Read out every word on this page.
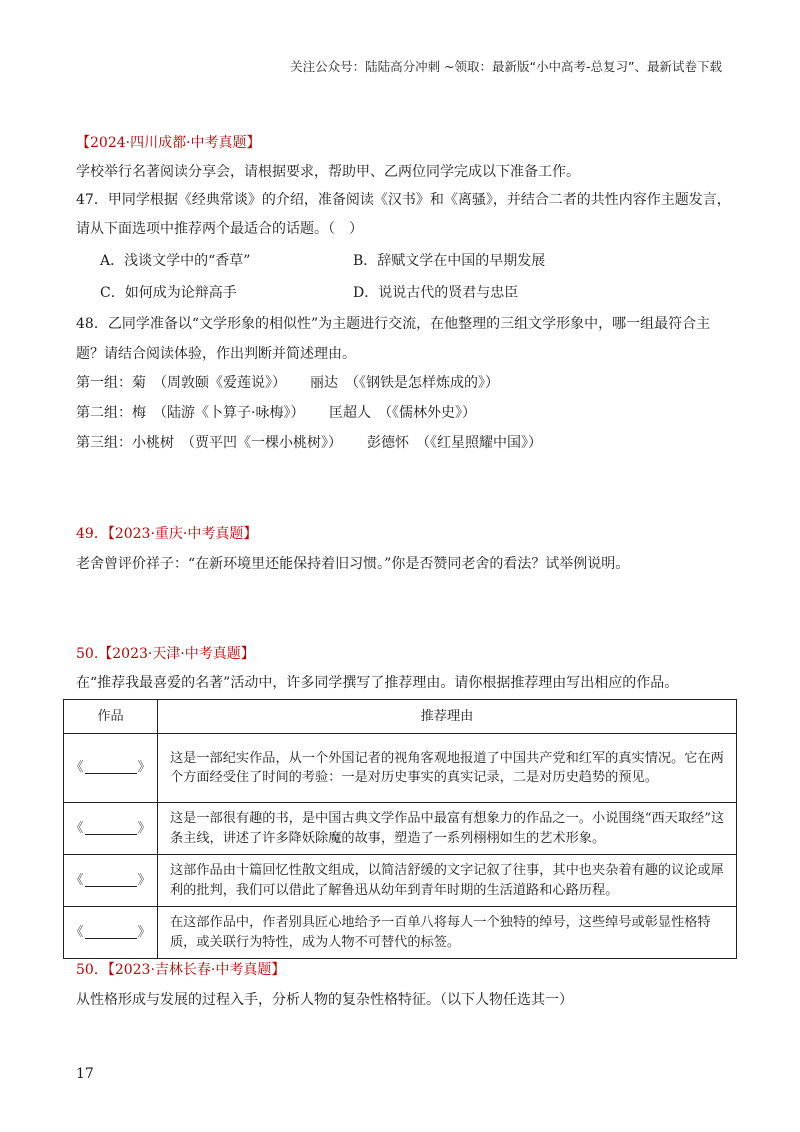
关注公众号：陆陆高分冲刺 ~领取：最新版“小中高考-总复习”、最新试卷下载
【2024·四川成都·中考真题】
学校举行名著阅读分享会，请根据要求，帮助甲、乙两位同学完成以下准备工作。
47．甲同学根据《经典常谈》的介绍，准备阅读《汉书》和《离骚》，并结合二者的共性内容作主题发言，
请从下面选项中推荐两个最适合的话题。（　）
A．浅谈文学中的“香草”	B．辞赋文学在中国的早期发展
C．如何成为论辩高手	D．说说古代的贤君与忠臣
48．乙同学准备以“文学形象的相似性”为主题进行交流，在他整理的三组文学形象中，哪一组最符合主
题？请结合阅读体验，作出判断并简述理由。
第一组：菊　（周敦颐《爱莲说》） 丽达　（《钢铁是怎样炼成的》）
第二组：梅　（陆游《卜算子·咏梅》） 匡超人　（《儒林外史》）
第三组：小桃树　（贾平凹《一棵小桃树》） 彭德怀　（《红星照耀中国》）
49．【2023·重庆·中考真题】
老舍曾评价祥子：“在新环境里还能保持着旧习惯。”你是否赞同老舍的看法？试举例说明。
50.【2023·天津·中考真题】
在“推荐我最喜爱的名著”活动中，许多同学撰写了推荐理由。请你根据推荐理由写出相应的作品。
作品	推荐理由
《 》	这是一部纪实作品，从一个外国记者的视角客观地报道了中国共产党和红军的真实情况。它在两个方面经受住了时间的考验：一是对历史事实的真实记录，二是对历史趋势的预见。
《 》	这是一部很有趣的书，是中国古典文学作品中最富有想象力的作品之一。小说围绕“西天取经”这条主线，讲述了许多降妖除魔的故事，塑造了一系列栩栩如生的艺术形象。
《 》	这部作品由十篇回忆性散文组成，以简洁舒缓的文字记叙了往事，其中也夹杂着有趣的议论或犀利的批判，我们可以借此了解鲁迅从幼年到青年时期的生活道路和心路历程。
《 》	在这部作品中，作者别具匠心地给予一百单八将每人一个独特的绰号，这些绰号或彰显性格特质，或关联行为特性，成为人物不可替代的标签。
50．【2023·吉林长春·中考真题】
从性格形成与发展的过程入手，分析人物的复杂性格特征。（以下人物任选其一）
17
